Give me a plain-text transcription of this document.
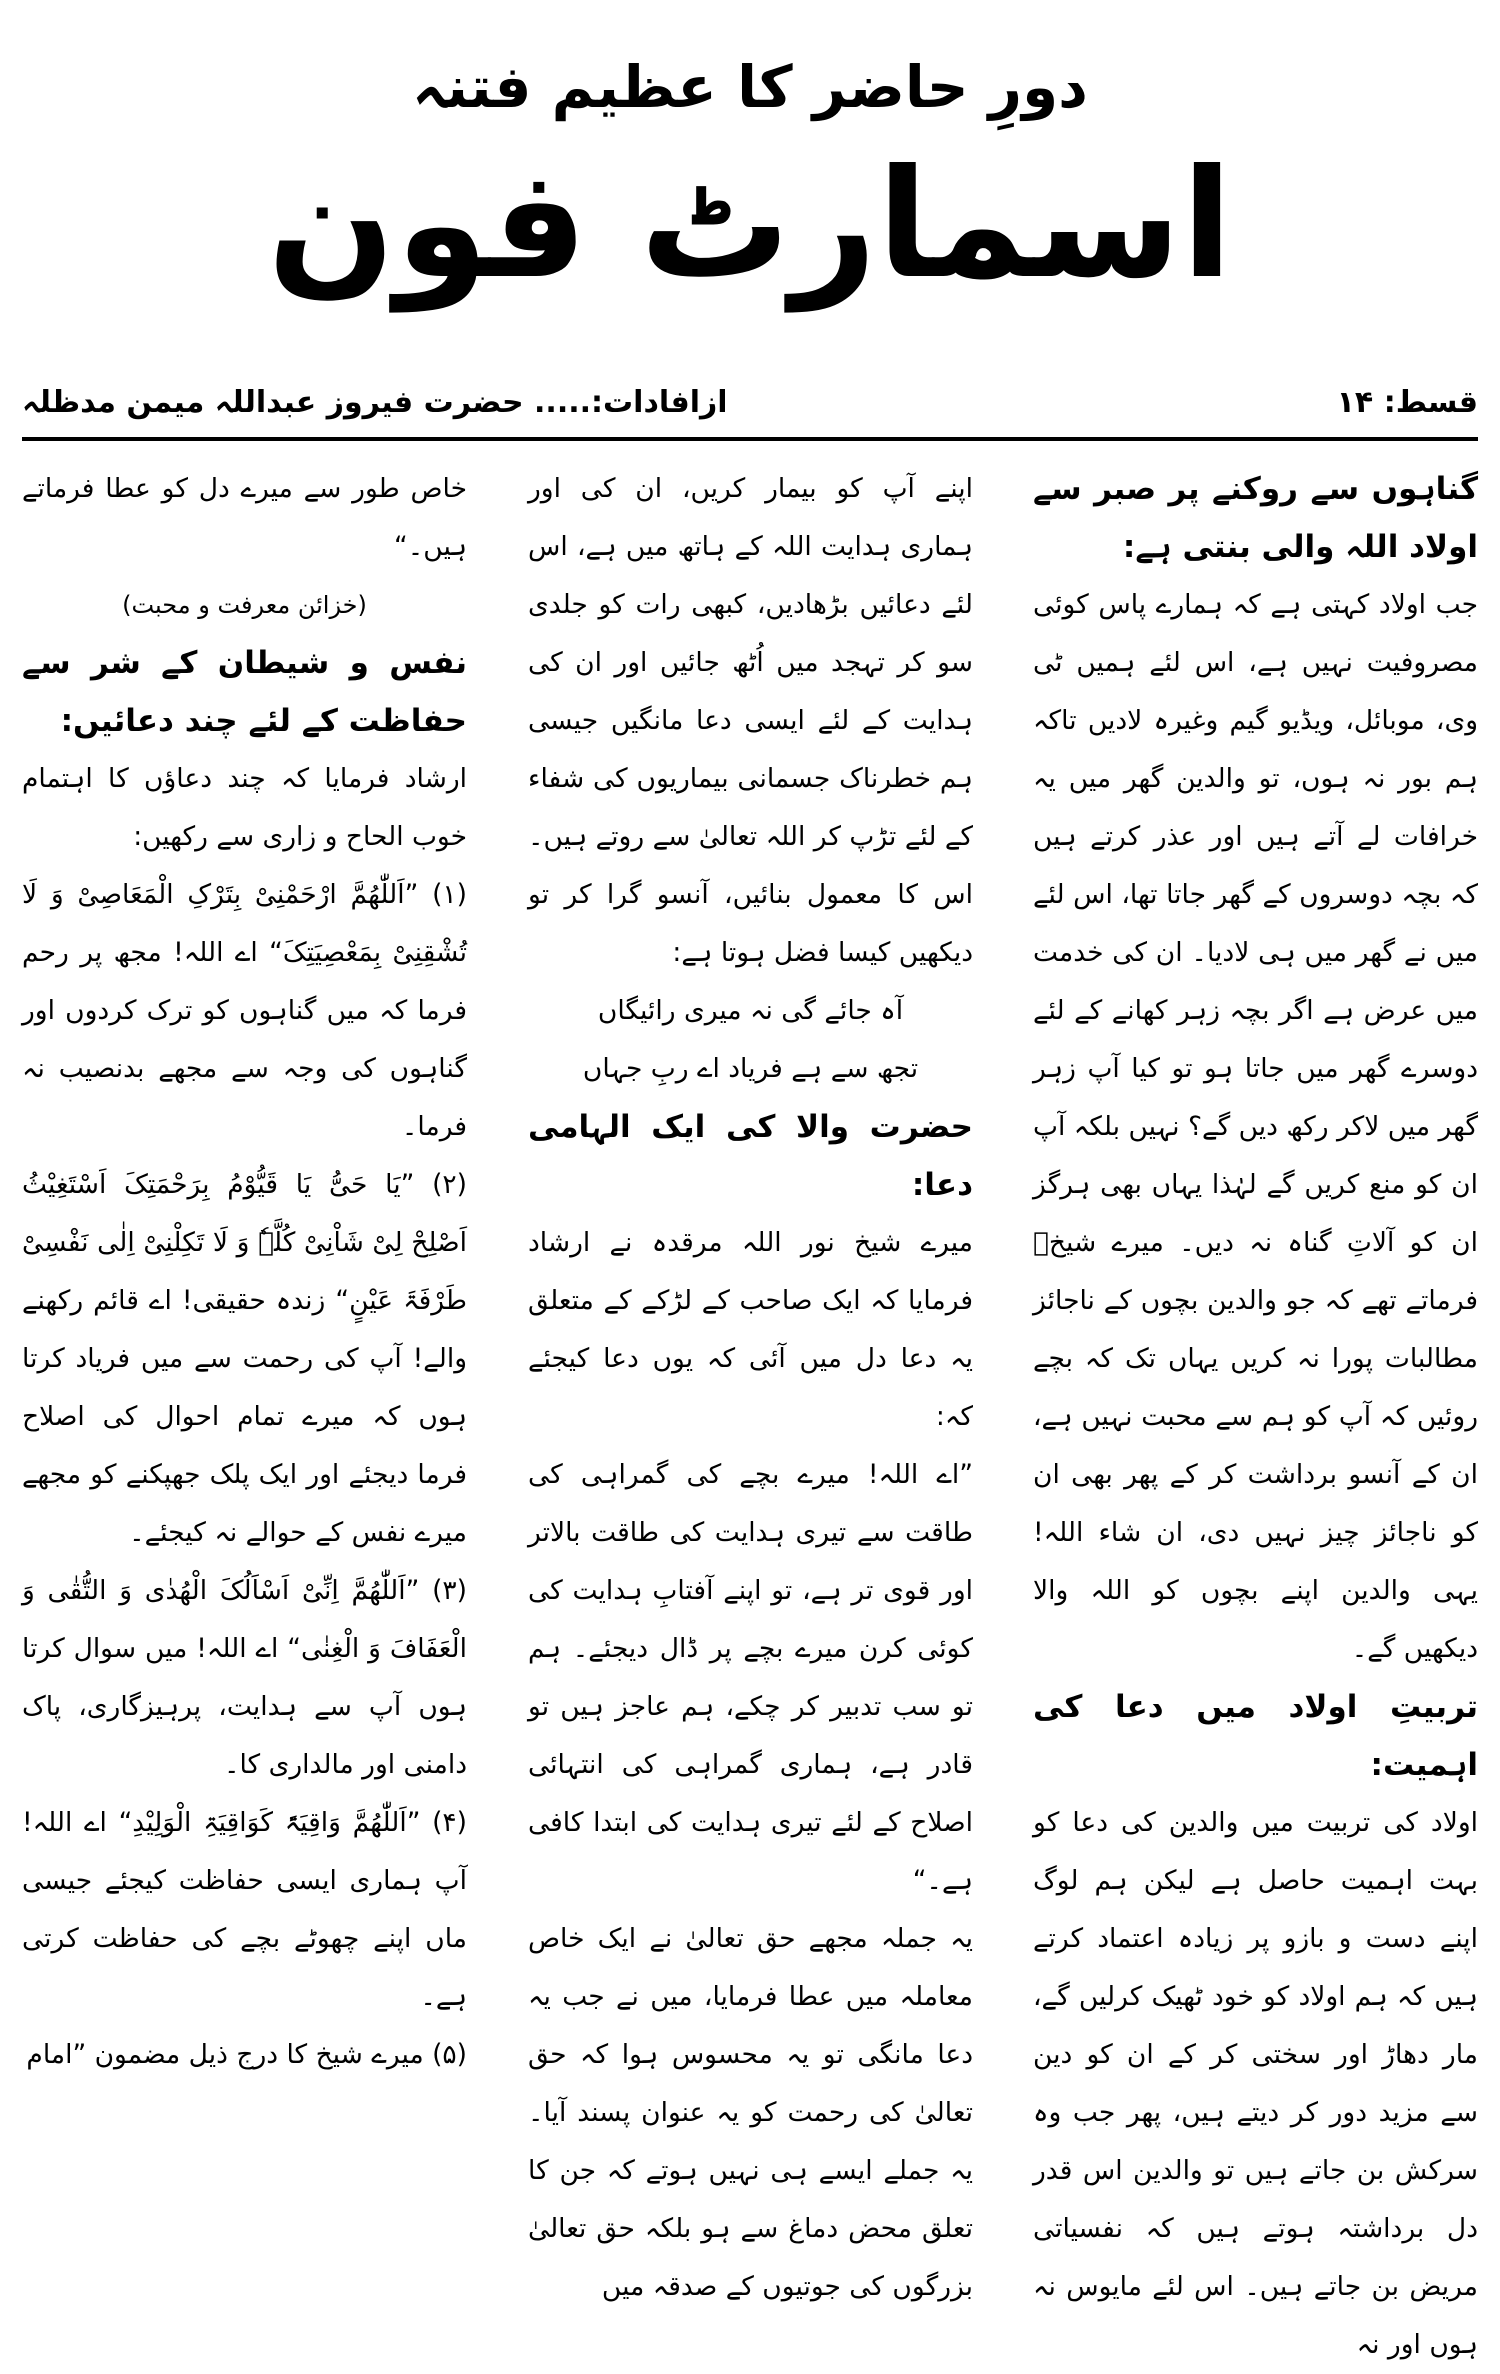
دورِ حاضر کا عظیم فتنہ
اسمارٹ فون
قسط: ۱۴
ازافادات:..... حضرت فیروز عبداللہ میمن مدظلہ

گناہوں سے روکنے پر صبر سے اولاد اللہ والی بنتی ہے:

جب اولاد کہتی ہے کہ ہمارے پاس کوئی مصروفیت نہیں ہے، اس لئے ہمیں ٹی وی، موبائل، ویڈیو گیم وغیرہ لادیں تاکہ ہم بور نہ ہوں، تو والدین گھر میں یہ خرافات لے آتے ہیں اور عذر کرتے ہیں کہ بچہ دوسروں کے گھر جاتا تھا، اس لئے میں نے گھر میں ہی لادیا۔ ان کی خدمت میں عرض ہے اگر بچہ زہر کھانے کے لئے دوسرے گھر میں جاتا ہو تو کیا آپ زہر گھر میں لاکر رکھ دیں گے؟ نہیں بلکہ آپ ان کو منع کریں گے لہٰذا یہاں بھی ہرگز ان کو آلاتِ گناہ نہ دیں۔ میرے شیخؒ فرماتے تھے کہ جو والدین بچوں کے ناجائز مطالبات پورا نہ کریں یہاں تک کہ بچے روئیں کہ آپ کو ہم سے محبت نہیں ہے، ان کے آنسو برداشت کر کے پھر بھی ان کو ناجائز چیز نہیں دی، ان شاء اللہ! یہی والدین اپنے بچوں کو اللہ والا دیکھیں گے۔

تربیتِ اولاد میں دعا کی اہمیت:

اولاد کی تربیت میں والدین کی دعا کو بہت اہمیت حاصل ہے لیکن ہم لوگ اپنے دست و بازو پر زیادہ اعتماد کرتے ہیں کہ ہم اولاد کو خود ٹھیک کرلیں گے، مار دھاڑ اور سختی کر کے ان کو دین سے مزید دور کر دیتے ہیں، پھر جب وہ سرکش بن جاتے ہیں تو والدین اس قدر دل برداشتہ ہوتے ہیں کہ نفسیاتی مریض بن جاتے ہیں۔ اس لئے مایوس نہ ہوں اور نہ

اپنے آپ کو بیمار کریں، ان کی اور ہماری ہدایت اللہ کے ہاتھ میں ہے، اس لئے دعائیں بڑھادیں، کبھی رات کو جلدی سو کر تہجد میں اُٹھ جائیں اور ان کی ہدایت کے لئے ایسی دعا مانگیں جیسی ہم خطرناک جسمانی بیماریوں کی شفاء کے لئے تڑپ کر اللہ تعالیٰ سے روتے ہیں۔ اس کا معمول بنائیں، آنسو گرا کر تو دیکھیں کیسا فضل ہوتا ہے:

آہ جائے گی نہ میری رائیگاں

تجھ سے ہے فریاد اے ربِ جہاں

حضرت والا کی ایک الہامی دعا:

میرے شیخ نور اللہ مرقدہ نے ارشاد فرمایا کہ ایک صاحب کے لڑکے کے متعلق یہ دعا دل میں آئی کہ یوں دعا کیجئے کہ:

”اے اللہ! میرے بچے کی گمراہی کی طاقت سے تیری ہدایت کی طاقت بالاتر اور قوی تر ہے، تو اپنے آفتابِ ہدایت کی کوئی کرن میرے بچے پر ڈال دیجئے۔ ہم تو سب تدبیر کر چکے، ہم عاجز ہیں تو قادر ہے، ہماری گمراہی کی انتہائی اصلاح کے لئے تیری ہدایت کی ابتدا کافی ہے۔“

یہ جملہ مجھے حق تعالیٰ نے ایک خاص معاملہ میں عطا فرمایا، میں نے جب یہ دعا مانگی تو یہ محسوس ہوا کہ حق تعالیٰ کی رحمت کو یہ عنوان پسند آیا۔ یہ جملے ایسے ہی نہیں ہوتے کہ جن کا تعلق محض دماغ سے ہو بلکہ حق تعالیٰ بزرگوں کی جوتیوں کے صدقہ میں

خاص طور سے میرے دل کو عطا فرماتے ہیں۔“

(خزائن معرفت و محبت)

نفس و شیطان کے شر سے حفاظت کے لئے چند دعائیں:

ارشاد فرمایا کہ چند دعاؤں کا اہتمام خوب الحاح و زاری سے رکھیں:

(۱) ”اَللّٰھُمَّ ارْحَمْنِیْ بِتَرْکِ الْمَعَاصِیْ وَ لَا تُشْقِنِیْ بِمَعْصِیَتِکَ“ اے اللہ! مجھ پر رحم فرما کہ میں گناہوں کو ترک کردوں اور گناہوں کی وجہ سے مجھے بدنصیب نہ فرما۔

(۲) ”یَا حَیُّ یَا قَیُّوْمُ بِرَحْمَتِکَ اَسْتَغِیْثُ اَصْلِحْ لِیْ شَاْنِیْ کُلَّہٗ وَ لَا تَکِلْنِیْ اِلٰی نَفْسِیْ طَرْفَۃَ عَیْنٍ“ زندہ حقیقی! اے قائم رکھنے والے! آپ کی رحمت سے میں فریاد کرتا ہوں کہ میرے تمام احوال کی اصلاح فرما دیجئے اور ایک پلک جھپکنے کو مجھے میرے نفس کے حوالے نہ کیجئے۔

(۳) ”اَللّٰھُمَّ اِنِّیْ اَسْاَلُکَ الْھُدٰی وَ التُّقٰی وَ الْعَفَافَ وَ الْغِنٰی“ اے اللہ! میں سوال کرتا ہوں آپ سے ہدایت، پرہیزگاری، پاک دامنی اور مالداری کا۔

(۴) ”اَللّٰھُمَّ وَاقِیَۃً کَوَاقِیَۃِ الْوَلِیْدِ“ اے اللہ! آپ ہماری ایسی حفاظت کیجئے جیسی ماں اپنے چھوٹے بچے کی حفاظت کرتی ہے۔

(۵) میرے شیخ کا درج ذیل مضمون ”امام
